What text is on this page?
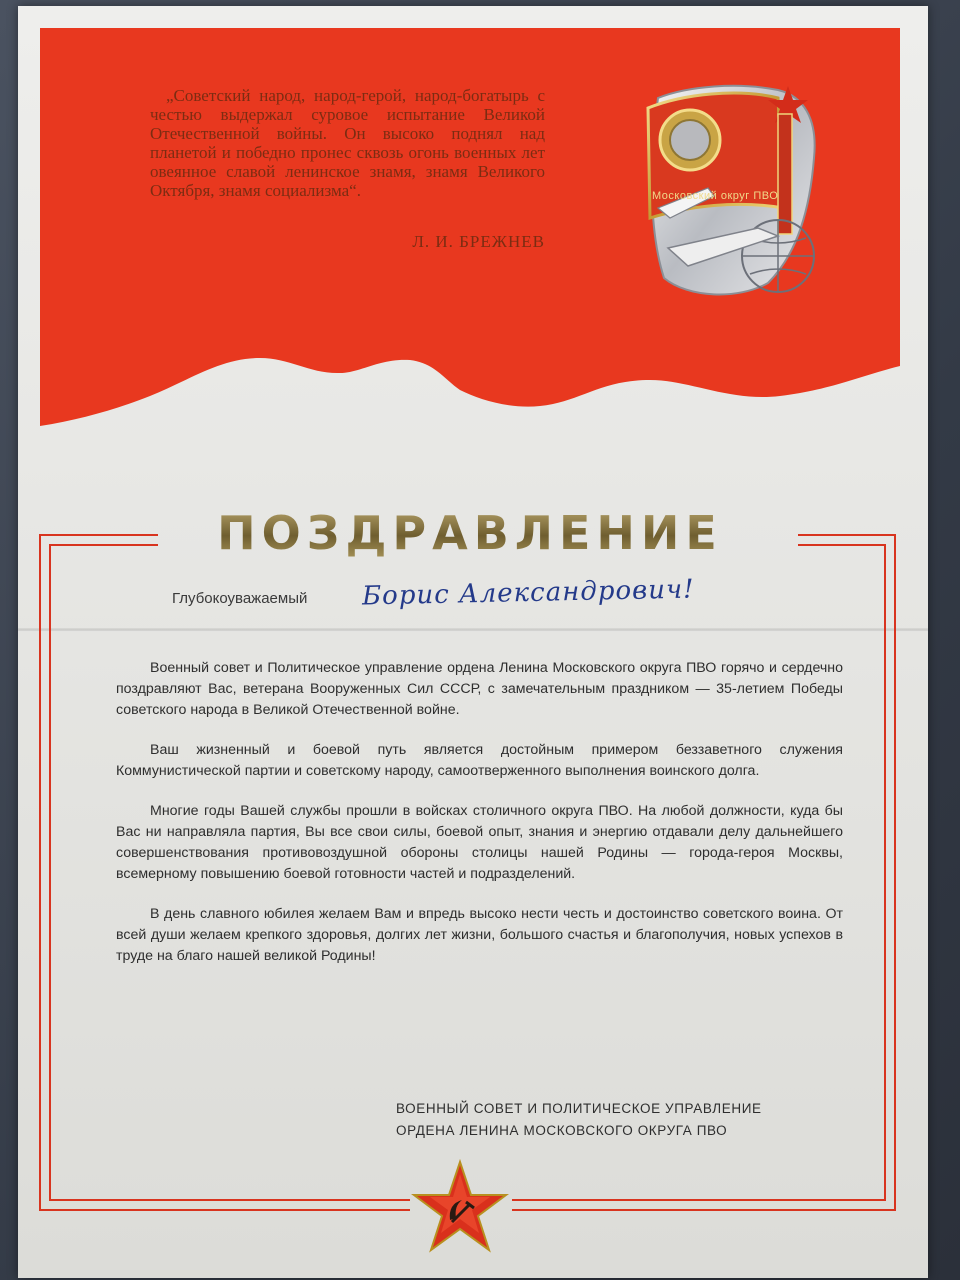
„Советский народ, народ-герой, народ-богатырь с честью выдержал суровое испытание Великой Отечественной войны. Он высоко поднял над планетой и победно пронес сквозь огонь военных лет овеянное славой ленинское знамя, знамя Великого Октября, знамя социализма“.
Л. И. БРЕЖНЕВ
Московский округ ПВО
ПОЗДРАВЛЕНИЕ
Глубокоуважаемый Борис Александрович!

Военный совет и Политическое управление ордена Ленина Московского округа ПВО горячо и сердечно поздравляют Вас, ветерана Вооруженных Сил СССР, с замечательным праздником — 35-летием Победы советского народа в Великой Отечественной войне.

Ваш жизненный и боевой путь является достойным примером беззаветного служения Коммунистической партии и советскому народу, самоотверженного выполнения воинского долга.

Многие годы Вашей службы прошли в войсках столичного округа ПВО. На любой должности, куда бы Вас ни направляла партия, Вы все свои силы, боевой опыт, знания и энергию отдавали делу дальнейшего совершенствования противовоздушной обороны столицы нашей Родины — города-героя Москвы, всемерному повышению боевой готовности частей и подразделений.

В день славного юбилея желаем Вам и впредь высоко нести честь и достоинство советского воина. От всей души желаем крепкого здоровья, долгих лет жизни, большого счастья и благополучия, новых успехов в труде на благо нашей великой Родины!

ВОЕННЫЙ СОВЕТ И ПОЛИТИЧЕСКОЕ УПРАВЛЕНИЕ
ОРДЕНА ЛЕНИНА МОСКОВСКОГО ОКРУГА ПВО
